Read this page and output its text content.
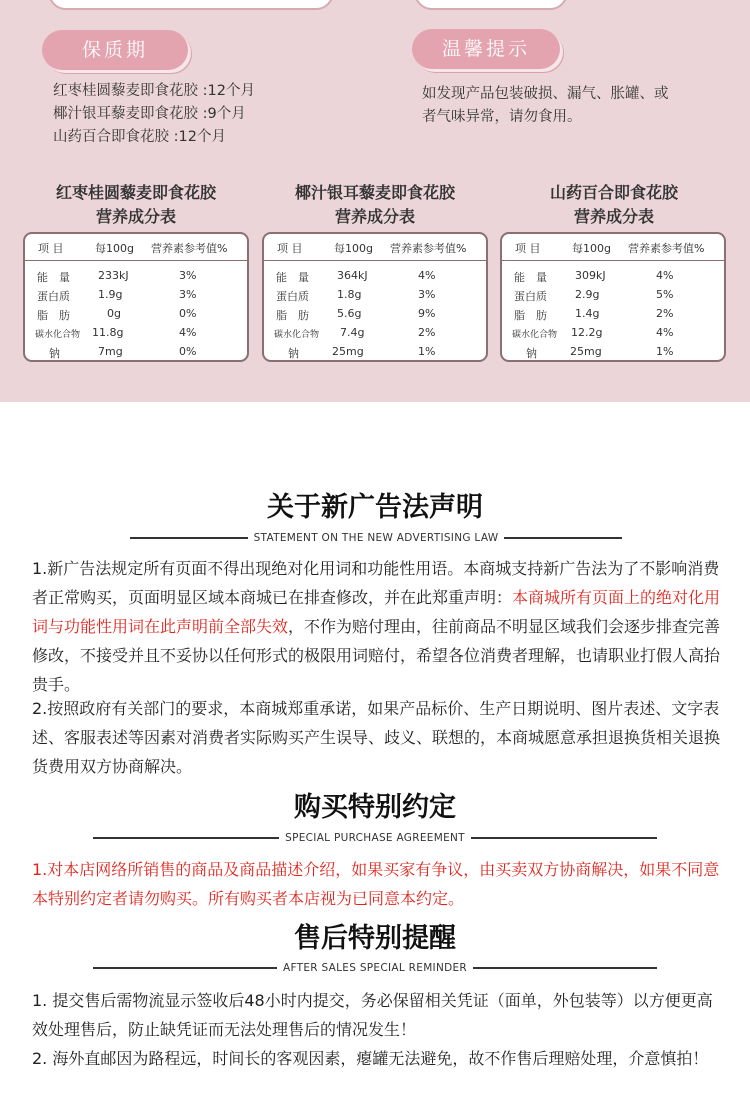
保质期	温馨提示
红枣桂圆藜麦即食花胶 :12个月
椰汁银耳藜麦即食花胶 :9个月
山药百合即食花胶 :12个月
如发现产品包装破损、漏气、胀罐、或
者气味异常，请勿食用。
红枣桂圆藜麦即食花胶
营养成分表
椰汁银耳藜麦即食花胶
营养成分表
山药百合即食花胶
营养成分表
项 目	每100g 营养素参考值%
能　量	233kJ	3%
蛋白质	1.9g	3%
脂　肪	0g	0%
碳水化合物 11.8g	4%
钠	7mg	0%
项 目	每100g 营养素参考值%
能　量	364kJ	4%
蛋白质	1.8g	3%
脂　肪	5.6g	9%
碳水化合物 7.4g	2%
钠	25mg	1%
项 目	每100g 营养素参考值%
能　量	309kJ	4%
蛋白质	2.9g	5%
脂　肪	1.4g	2%
碳水化合物 12.2g	4%
钠	25mg	1%
关于新广告法声明
STATEMENT ON THE NEW ADVERTISING LAW
1.新广告法规定所有页面不得出现绝对化用词和功能性用语。本商城支持新广告法为了不影响消费者正常购买，页面明显区域本商城已在排查修改，并在此郑重声明：本商城所有页面上的绝对化用词与功能性用词在此声明前全部失效，不作为赔付理由，往前商品不明显区域我们会逐步排查完善修改，不接受并且不妥协以任何形式的极限用词赔付，希望各位消费者理解，也请职业打假人高抬贵手。
2.按照政府有关部门的要求，本商城郑重承诺，如果产品标价、生产日期说明、图片表述、文字表述、客服表述等因素对消费者实际购买产生误导、歧义、联想的，本商城愿意承担退换货相关退换货费用双方协商解决。
购买特别约定
SPECIAL PURCHASE AGREEMENT
1.对本店网络所销售的商品及商品描述介绍，如果买家有争议，由买卖双方协商解决，如果不同意本特别约定者请勿购买。所有购买者本店视为已同意本约定。
售后特别提醒
AFTER SALES SPECIAL REMINDER
1. 提交售后需物流显示签收后48小时内提交，务必保留相关凭证（面单，外包装等）以方便更高效处理售后，防止缺凭证而无法处理售后的情况发生！
2. 海外直邮因为路程远，时间长的客观因素，瘪罐无法避免，故不作售后理赔处理，介意慎拍！
